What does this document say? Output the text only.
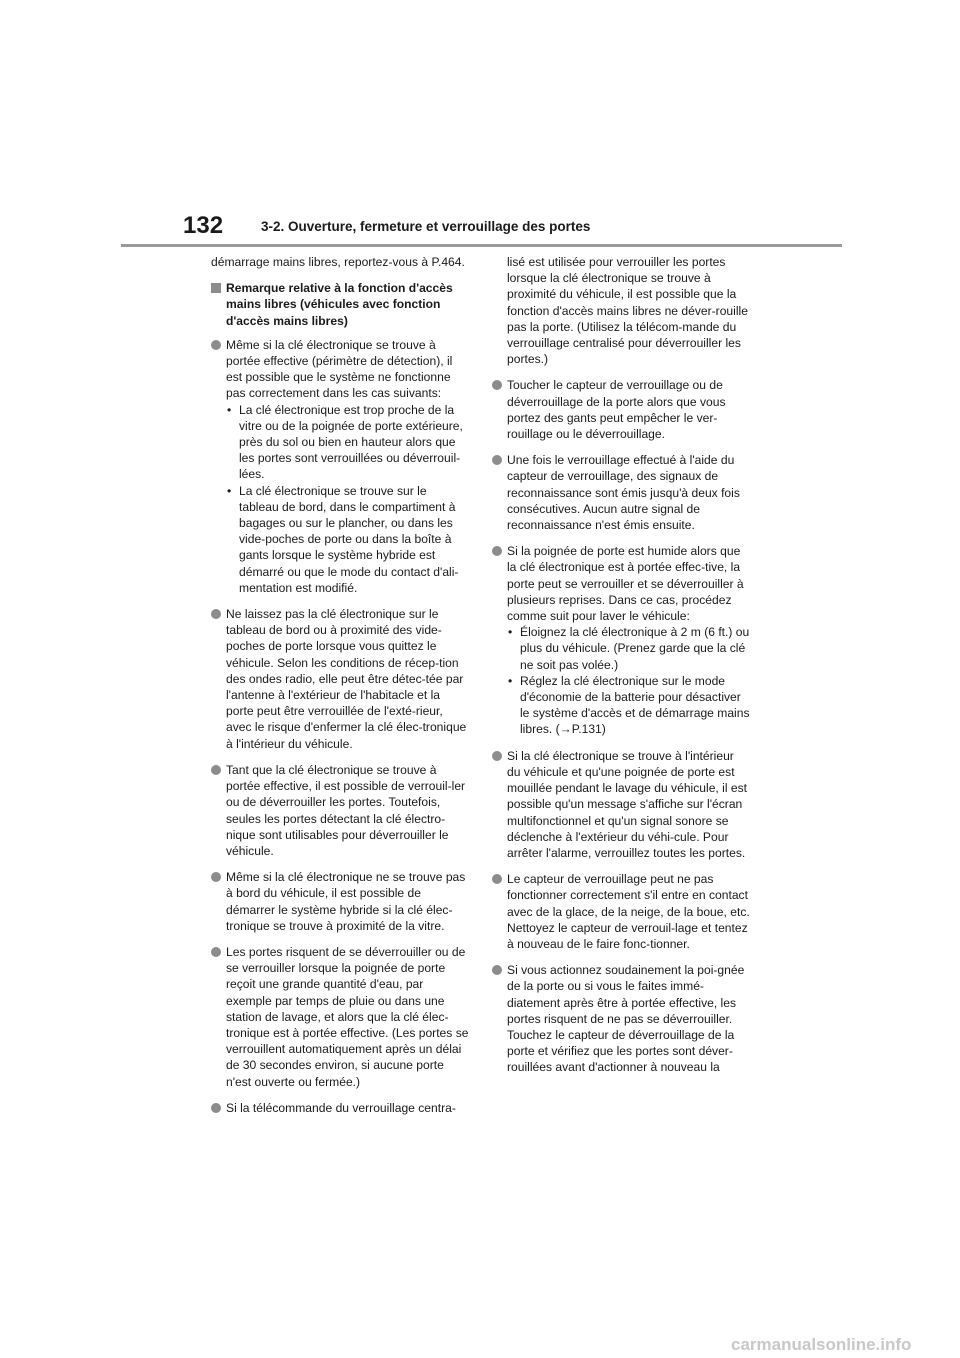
132	3-2. Ouverture, fermeture et verrouillage des portes

démarrage mains libres, reportez-vous à P.464.

Remarque relative à la fonction d'accès mains libres (véhicules avec fonction d'accès mains libres)
Même si la clé électronique se trouve à portée effective (périmètre de détection), il est possible que le système ne fonctionne pas correctement dans les cas suivants:
• La clé électronique est trop proche de la vitre ou de la poignée de porte extérieure, près du sol ou bien en hauteur alors que les portes sont verrouillées ou déverrouil-lées.
• La clé électronique se trouve sur le tableau de bord, dans le compartiment à bagages ou sur le plancher, ou dans les vide-poches de porte ou dans la boîte à gants lorsque le système hybride est démarré ou que le mode du contact d'ali-mentation est modifié.
Ne laissez pas la clé électronique sur le tableau de bord ou à proximité des vide-poches de porte lorsque vous quittez le véhicule. Selon les conditions de récep-tion des ondes radio, elle peut être détec-tée par l'antenne à l'extérieur de l'habitacle et la porte peut être verrouillée de l'exté-rieur, avec le risque d'enfermer la clé élec-tronique à l'intérieur du véhicule.
Tant que la clé électronique se trouve à portée effective, il est possible de verrouil-ler ou de déverrouiller les portes. Toutefois, seules les portes détectant la clé électro-nique sont utilisables pour déverrouiller le véhicule.
Même si la clé électronique ne se trouve pas à bord du véhicule, il est possible de démarrer le système hybride si la clé élec-tronique se trouve à proximité de la vitre.
Les portes risquent de se déverrouiller ou de se verrouiller lorsque la poignée de porte reçoit une grande quantité d'eau, par exemple par temps de pluie ou dans une station de lavage, et alors que la clé élec-tronique est à portée effective. (Les portes se verrouillent automatiquement après un délai de 30 secondes environ, si aucune porte n'est ouverte ou fermée.)
Si la télécommande du verrouillage centra-
lisé est utilisée pour verrouiller les portes lorsque la clé électronique se trouve à proximité du véhicule, il est possible que la fonction d'accès mains libres ne déver-rouille pas la porte. (Utilisez la télécom-mande du verrouillage centralisé pour déverrouiller les portes.)
Toucher le capteur de verrouillage ou de déverrouillage de la porte alors que vous portez des gants peut empêcher le ver-rouillage ou le déverrouillage.
Une fois le verrouillage effectué à l'aide du capteur de verrouillage, des signaux de reconnaissance sont émis jusqu'à deux fois consécutives. Aucun autre signal de reconnaissance n'est émis ensuite.
Si la poignée de porte est humide alors que la clé électronique est à portée effec-tive, la porte peut se verrouiller et se déverrouiller à plusieurs reprises. Dans ce cas, procédez comme suit pour laver le véhicule:
• Éloignez la clé électronique à 2 m (6 ft.) ou plus du véhicule. (Prenez garde que la clé ne soit pas volée.)
• Réglez la clé électronique sur le mode d'économie de la batterie pour désactiver le système d'accès et de démarrage mains libres. (→P.131)
Si la clé électronique se trouve à l'intérieur du véhicule et qu'une poignée de porte est mouillée pendant le lavage du véhicule, il est possible qu'un message s'affiche sur l'écran multifonctionnel et qu'un signal sonore se déclenche à l'extérieur du véhi-cule. Pour arrêter l'alarme, verrouillez toutes les portes.
Le capteur de verrouillage peut ne pas fonctionner correctement s'il entre en contact avec de la glace, de la neige, de la boue, etc. Nettoyez le capteur de verrouil-lage et tentez à nouveau de le faire fonc-tionner.
Si vous actionnez soudainement la poi-gnée de la porte ou si vous le faites immé-diatement après être à portée effective, les portes risquent de ne pas se déverrouiller. Touchez le capteur de déverrouillage de la porte et vérifiez que les portes sont déver-rouillées avant d'actionner à nouveau la
carmanualsonline.info
